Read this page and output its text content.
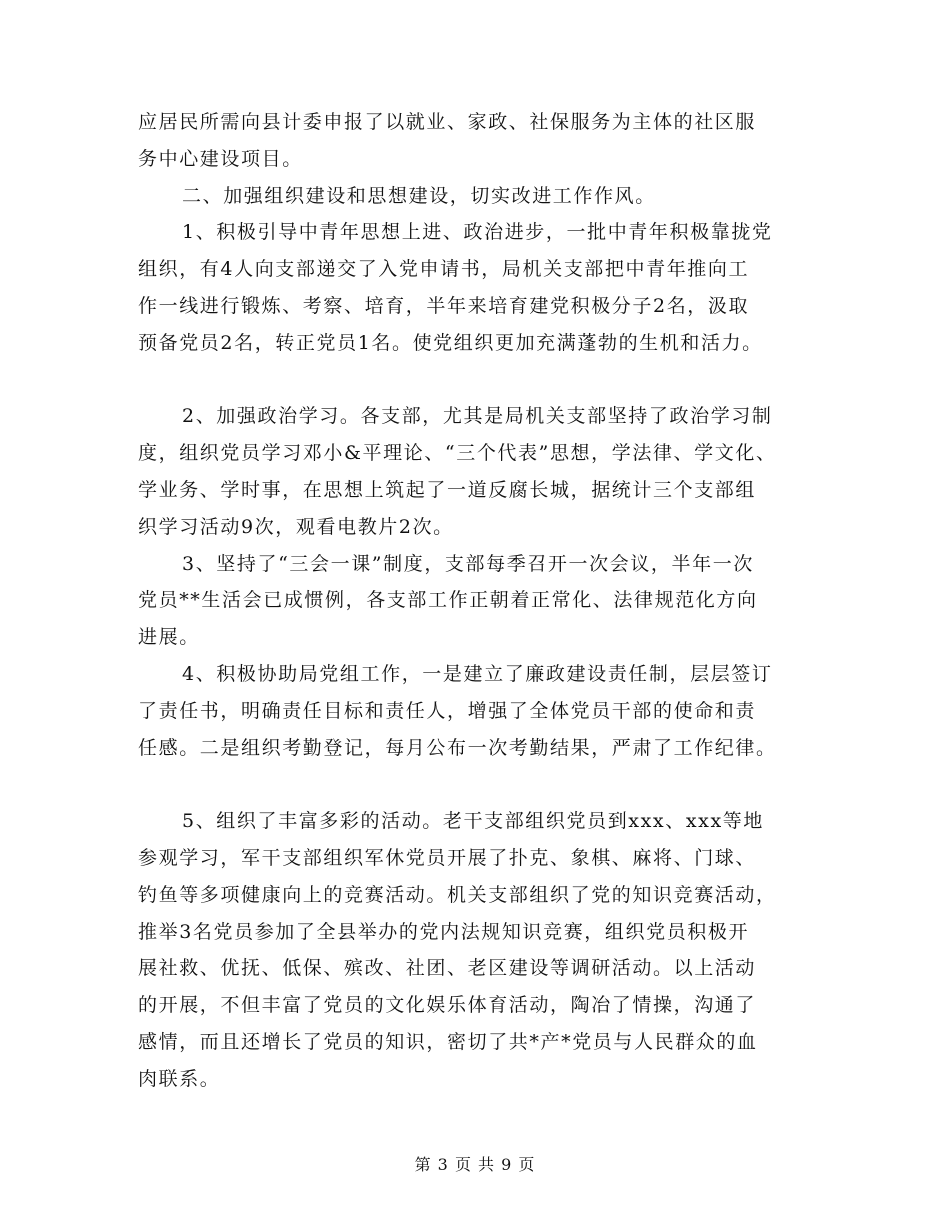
应居民所需向县计委申报了以就业、家政、社保服务为主体的社区服
务中心建设项目。
二、加强组织建设和思想建设，切实改进工作作风。
1、积极引导中青年思想上进、政治进步，一批中青年积极靠拢党
组织，有4人向支部递交了入党申请书，局机关支部把中青年推向工
作一线进行锻炼、考察、培育，半年来培育建党积极分子2名，汲取
预备党员2名，转正党员1名。使党组织更加充满蓬勃的生机和活力。
2、加强政治学习。各支部，尤其是局机关支部坚持了政治学习制
度，组织党员学习邓小&平理论、“三个代表”思想，学法律、学文化、
学业务、学时事，在思想上筑起了一道反腐长城，据统计三个支部组
织学习活动9次，观看电教片2次。
3、坚持了“三会一课”制度，支部每季召开一次会议，半年一次
党员**生活会已成惯例，各支部工作正朝着正常化、法律规范化方向
进展。
4、积极协助局党组工作，一是建立了廉政建设责任制，层层签订
了责任书，明确责任目标和责任人，增强了全体党员干部的使命和责
任感。二是组织考勤登记，每月公布一次考勤结果，严肃了工作纪律。
5、组织了丰富多彩的活动。老干支部组织党员到xxx、xxx等地
参观学习，军干支部组织军休党员开展了扑克、象棋、麻将、门球、
钓鱼等多项健康向上的竞赛活动。机关支部组织了党的知识竞赛活动，
推举3名党员参加了全县举办的党内法规知识竞赛，组织党员积极开
展社救、优抚、低保、殡改、社团、老区建设等调研活动。以上活动
的开展，不但丰富了党员的文化娱乐体育活动，陶冶了情操，沟通了
感情，而且还增长了党员的知识，密切了共*产*党员与人民群众的血
肉联系。
第 3 页 共 9 页
